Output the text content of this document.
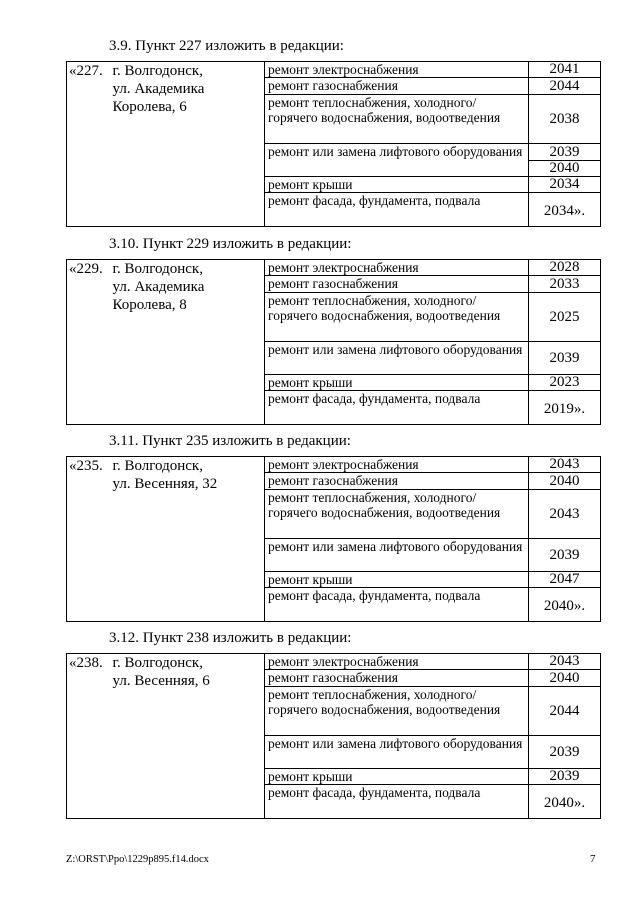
3.9. Пункт 227 изложить в редакции:
«227.	г. Волгодонск,
ул. Академика
Королева, 6	ремонт электроснабжения	2041
		ремонт газоснабжения	2044
		ремонт теплоснабжения, холодного/горячего водоснабжения, водоотведения	2038
		ремонт или замена лифтового оборудования	2039
			2040
		ремонт крыши	2034
		ремонт фасада, фундамента, подвала	2034».
3.10. Пункт 229 изложить в редакции:
«229.	г. Волгодонск,
ул. Академика
Королева, 8	ремонт электроснабжения	2028
		ремонт газоснабжения	2033
		ремонт теплоснабжения, холодного/горячего водоснабжения, водоотведения	2025
		ремонт или замена лифтового оборудования	2039
		ремонт крыши	2023
		ремонт фасада, фундамента, подвала	2019».
3.11. Пункт 235 изложить в редакции:
«235.	г. Волгодонск,
ул. Весенняя, 32	ремонт электроснабжения	2043
		ремонт газоснабжения	2040
		ремонт теплоснабжения, холодного/горячего водоснабжения, водоотведения	2043
		ремонт или замена лифтового оборудования	2039
		ремонт крыши	2047
		ремонт фасада, фундамента, подвала	2040».
3.12. Пункт 238 изложить в редакции:
«238.	г. Волгодонск,
ул. Весенняя, 6	ремонт электроснабжения	2043
		ремонт газоснабжения	2040
		ремонт теплоснабжения, холодного/горячего водоснабжения, водоотведения	2044
		ремонт или замена лифтового оборудования	2039
		ремонт крыши	2039
		ремонт фасада, фундамента, подвала	2040».
Z:\ORST\Ppo\1229p895.f14.docx	7
